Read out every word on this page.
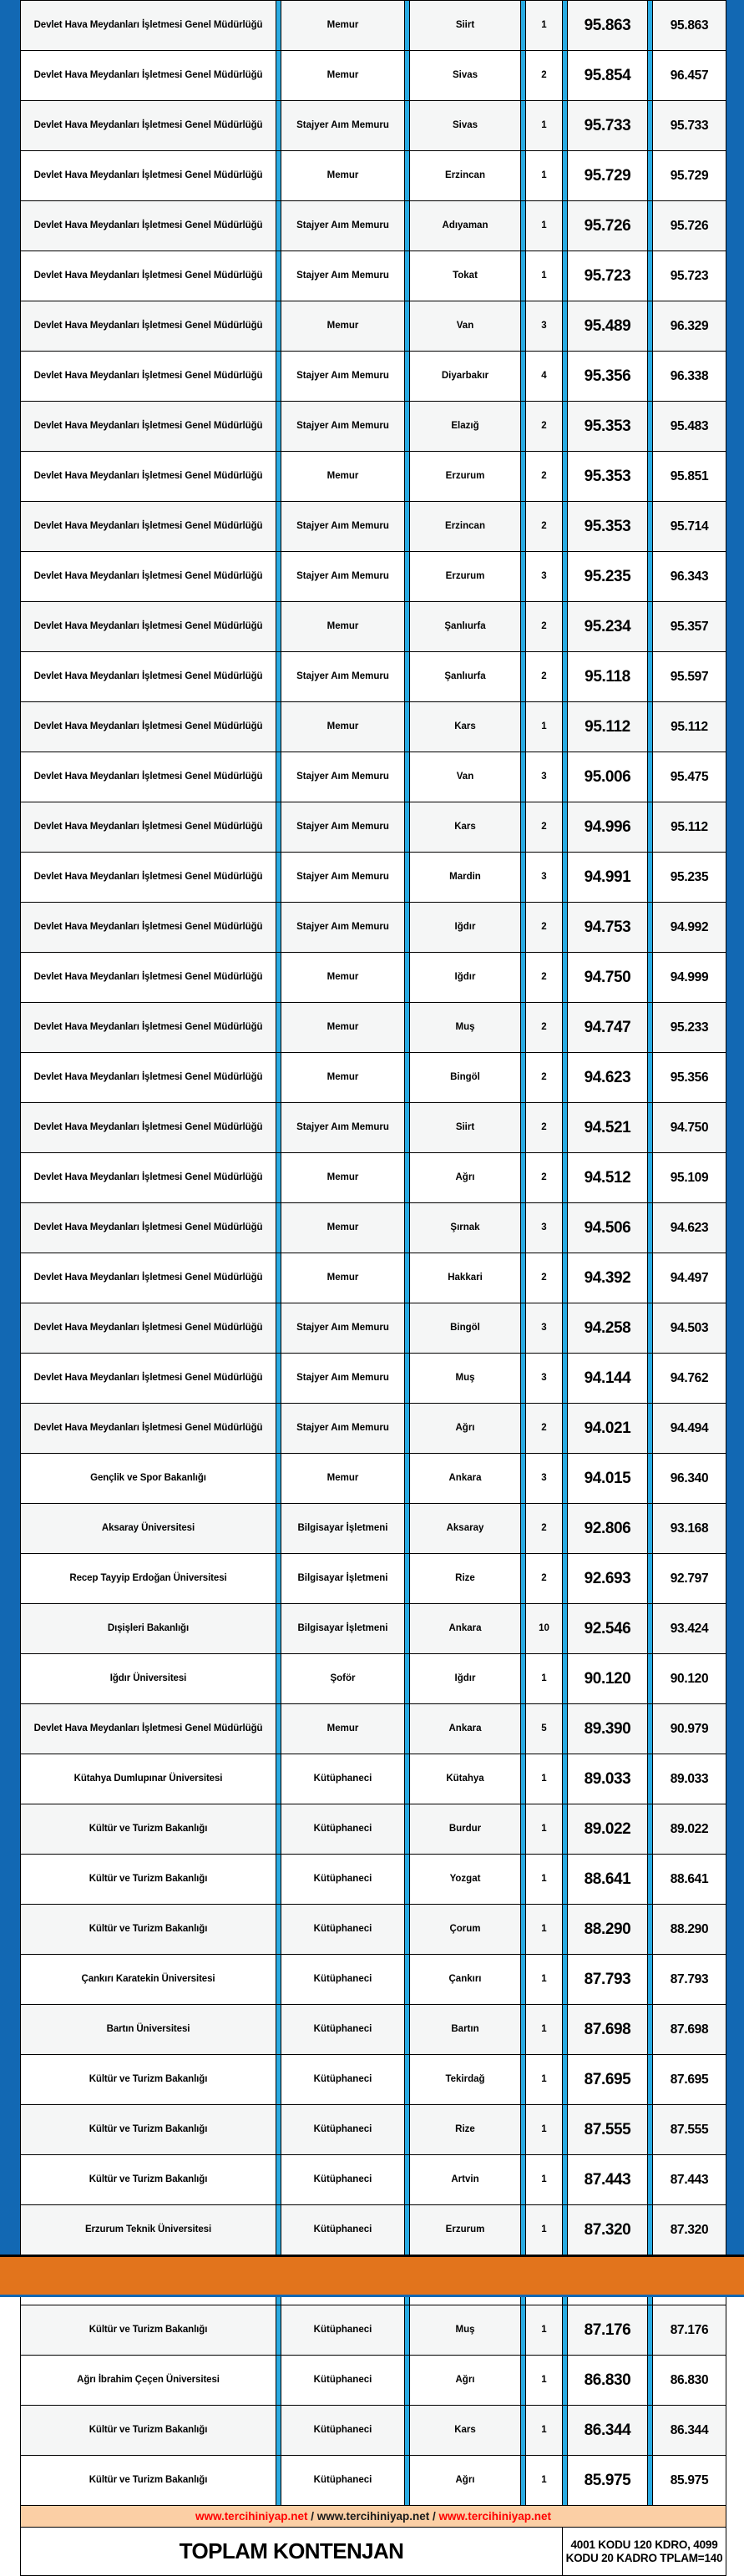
Devlet Hava Meydanları İşletmesi Genel Müdürlüğü		Memur		Siirt		1		95.863		95.863
Devlet Hava Meydanları İşletmesi Genel Müdürlüğü		Memur		Sivas		2		95.854		96.457
Devlet Hava Meydanları İşletmesi Genel Müdürlüğü		Stajyer Aım Memuru		Sivas		1		95.733		95.733
Devlet Hava Meydanları İşletmesi Genel Müdürlüğü		Memur		Erzincan		1		95.729		95.729
Devlet Hava Meydanları İşletmesi Genel Müdürlüğü		Stajyer Aım Memuru		Adıyaman		1		95.726		95.726
Devlet Hava Meydanları İşletmesi Genel Müdürlüğü		Stajyer Aım Memuru		Tokat		1		95.723		95.723
Devlet Hava Meydanları İşletmesi Genel Müdürlüğü		Memur		Van		3		95.489		96.329
Devlet Hava Meydanları İşletmesi Genel Müdürlüğü		Stajyer Aım Memuru		Diyarbakır		4		95.356		96.338
Devlet Hava Meydanları İşletmesi Genel Müdürlüğü		Stajyer Aım Memuru		Elazığ		2		95.353		95.483
Devlet Hava Meydanları İşletmesi Genel Müdürlüğü		Memur		Erzurum		2		95.353		95.851
Devlet Hava Meydanları İşletmesi Genel Müdürlüğü		Stajyer Aım Memuru		Erzincan		2		95.353		95.714
Devlet Hava Meydanları İşletmesi Genel Müdürlüğü		Stajyer Aım Memuru		Erzurum		3		95.235		96.343
Devlet Hava Meydanları İşletmesi Genel Müdürlüğü		Memur		Şanlıurfa		2		95.234		95.357
Devlet Hava Meydanları İşletmesi Genel Müdürlüğü		Stajyer Aım Memuru		Şanlıurfa		2		95.118		95.597
Devlet Hava Meydanları İşletmesi Genel Müdürlüğü		Memur		Kars		1		95.112		95.112
Devlet Hava Meydanları İşletmesi Genel Müdürlüğü		Stajyer Aım Memuru		Van		3		95.006		95.475
Devlet Hava Meydanları İşletmesi Genel Müdürlüğü		Stajyer Aım Memuru		Kars		2		94.996		95.112
Devlet Hava Meydanları İşletmesi Genel Müdürlüğü		Stajyer Aım Memuru		Mardin		3		94.991		95.235
Devlet Hava Meydanları İşletmesi Genel Müdürlüğü		Stajyer Aım Memuru		Iğdır		2		94.753		94.992
Devlet Hava Meydanları İşletmesi Genel Müdürlüğü		Memur		Iğdır		2		94.750		94.999
Devlet Hava Meydanları İşletmesi Genel Müdürlüğü		Memur		Muş		2		94.747		95.233
Devlet Hava Meydanları İşletmesi Genel Müdürlüğü		Memur		Bingöl		2		94.623		95.356
Devlet Hava Meydanları İşletmesi Genel Müdürlüğü		Stajyer Aım Memuru		Siirt		2		94.521		94.750
Devlet Hava Meydanları İşletmesi Genel Müdürlüğü		Memur		Ağrı		2		94.512		95.109
Devlet Hava Meydanları İşletmesi Genel Müdürlüğü		Memur		Şırnak		3		94.506		94.623
Devlet Hava Meydanları İşletmesi Genel Müdürlüğü		Memur		Hakkari		2		94.392		94.497
Devlet Hava Meydanları İşletmesi Genel Müdürlüğü		Stajyer Aım Memuru		Bingöl		3		94.258		94.503
Devlet Hava Meydanları İşletmesi Genel Müdürlüğü		Stajyer Aım Memuru		Muş		3		94.144		94.762
Devlet Hava Meydanları İşletmesi Genel Müdürlüğü		Stajyer Aım Memuru		Ağrı		2		94.021		94.494
Gençlik ve Spor Bakanlığı		Memur		Ankara		3		94.015		96.340
Aksaray Üniversitesi		Bilgisayar İşletmeni		Aksaray		2		92.806		93.168
Recep Tayyip Erdoğan Üniversitesi		Bilgisayar İşletmeni		Rize		2		92.693		92.797
Dışişleri Bakanlığı		Bilgisayar İşletmeni		Ankara		10		92.546		93.424
Iğdır Üniversitesi		Şoför		Iğdır		1		90.120		90.120
Devlet Hava Meydanları İşletmesi Genel Müdürlüğü		Memur		Ankara		5		89.390		90.979
Kütahya Dumlupınar Üniversitesi		Kütüphaneci		Kütahya		1		89.033		89.033
Kültür ve Turizm Bakanlığı		Kütüphaneci		Burdur		1		89.022		89.022
Kültür ve Turizm Bakanlığı		Kütüphaneci		Yozgat		1		88.641		88.641
Kültür ve Turizm Bakanlığı		Kütüphaneci		Çorum		1		88.290		88.290
Çankırı Karatekin Üniversitesi		Kütüphaneci		Çankırı		1		87.793		87.793
Bartın Üniversitesi		Kütüphaneci		Bartın		1		87.698		87.698
Kültür ve Turizm Bakanlığı		Kütüphaneci		Tekirdağ		1		87.695		87.695
Kültür ve Turizm Bakanlığı		Kütüphaneci		Rize		1		87.555		87.555
Kültür ve Turizm Bakanlığı		Kütüphaneci		Artvin		1		87.443		87.443
Erzurum Teknik Üniversitesi		Kütüphaneci		Erzurum		1		87.320		87.320

Kültür ve Turizm Bakanlığı		Kütüphaneci		Muş		1		87.176		87.176
Ağrı İbrahim Çeçen Üniversitesi		Kütüphaneci		Ağrı		1		86.830		86.830
Kültür ve Turizm Bakanlığı		Kütüphaneci		Kars		1		86.344		86.344
Kültür ve Turizm Bakanlığı		Kütüphaneci		Ağrı		1		85.975		85.975
www.tercihiniyap.net / www.tercihiniyap.net / www.tercihiniyap.net										
TOPLAM KONTENJAN							4001 KODU 120 KDRO, 4099
KODU 20 KADRO TPLAM=140			
